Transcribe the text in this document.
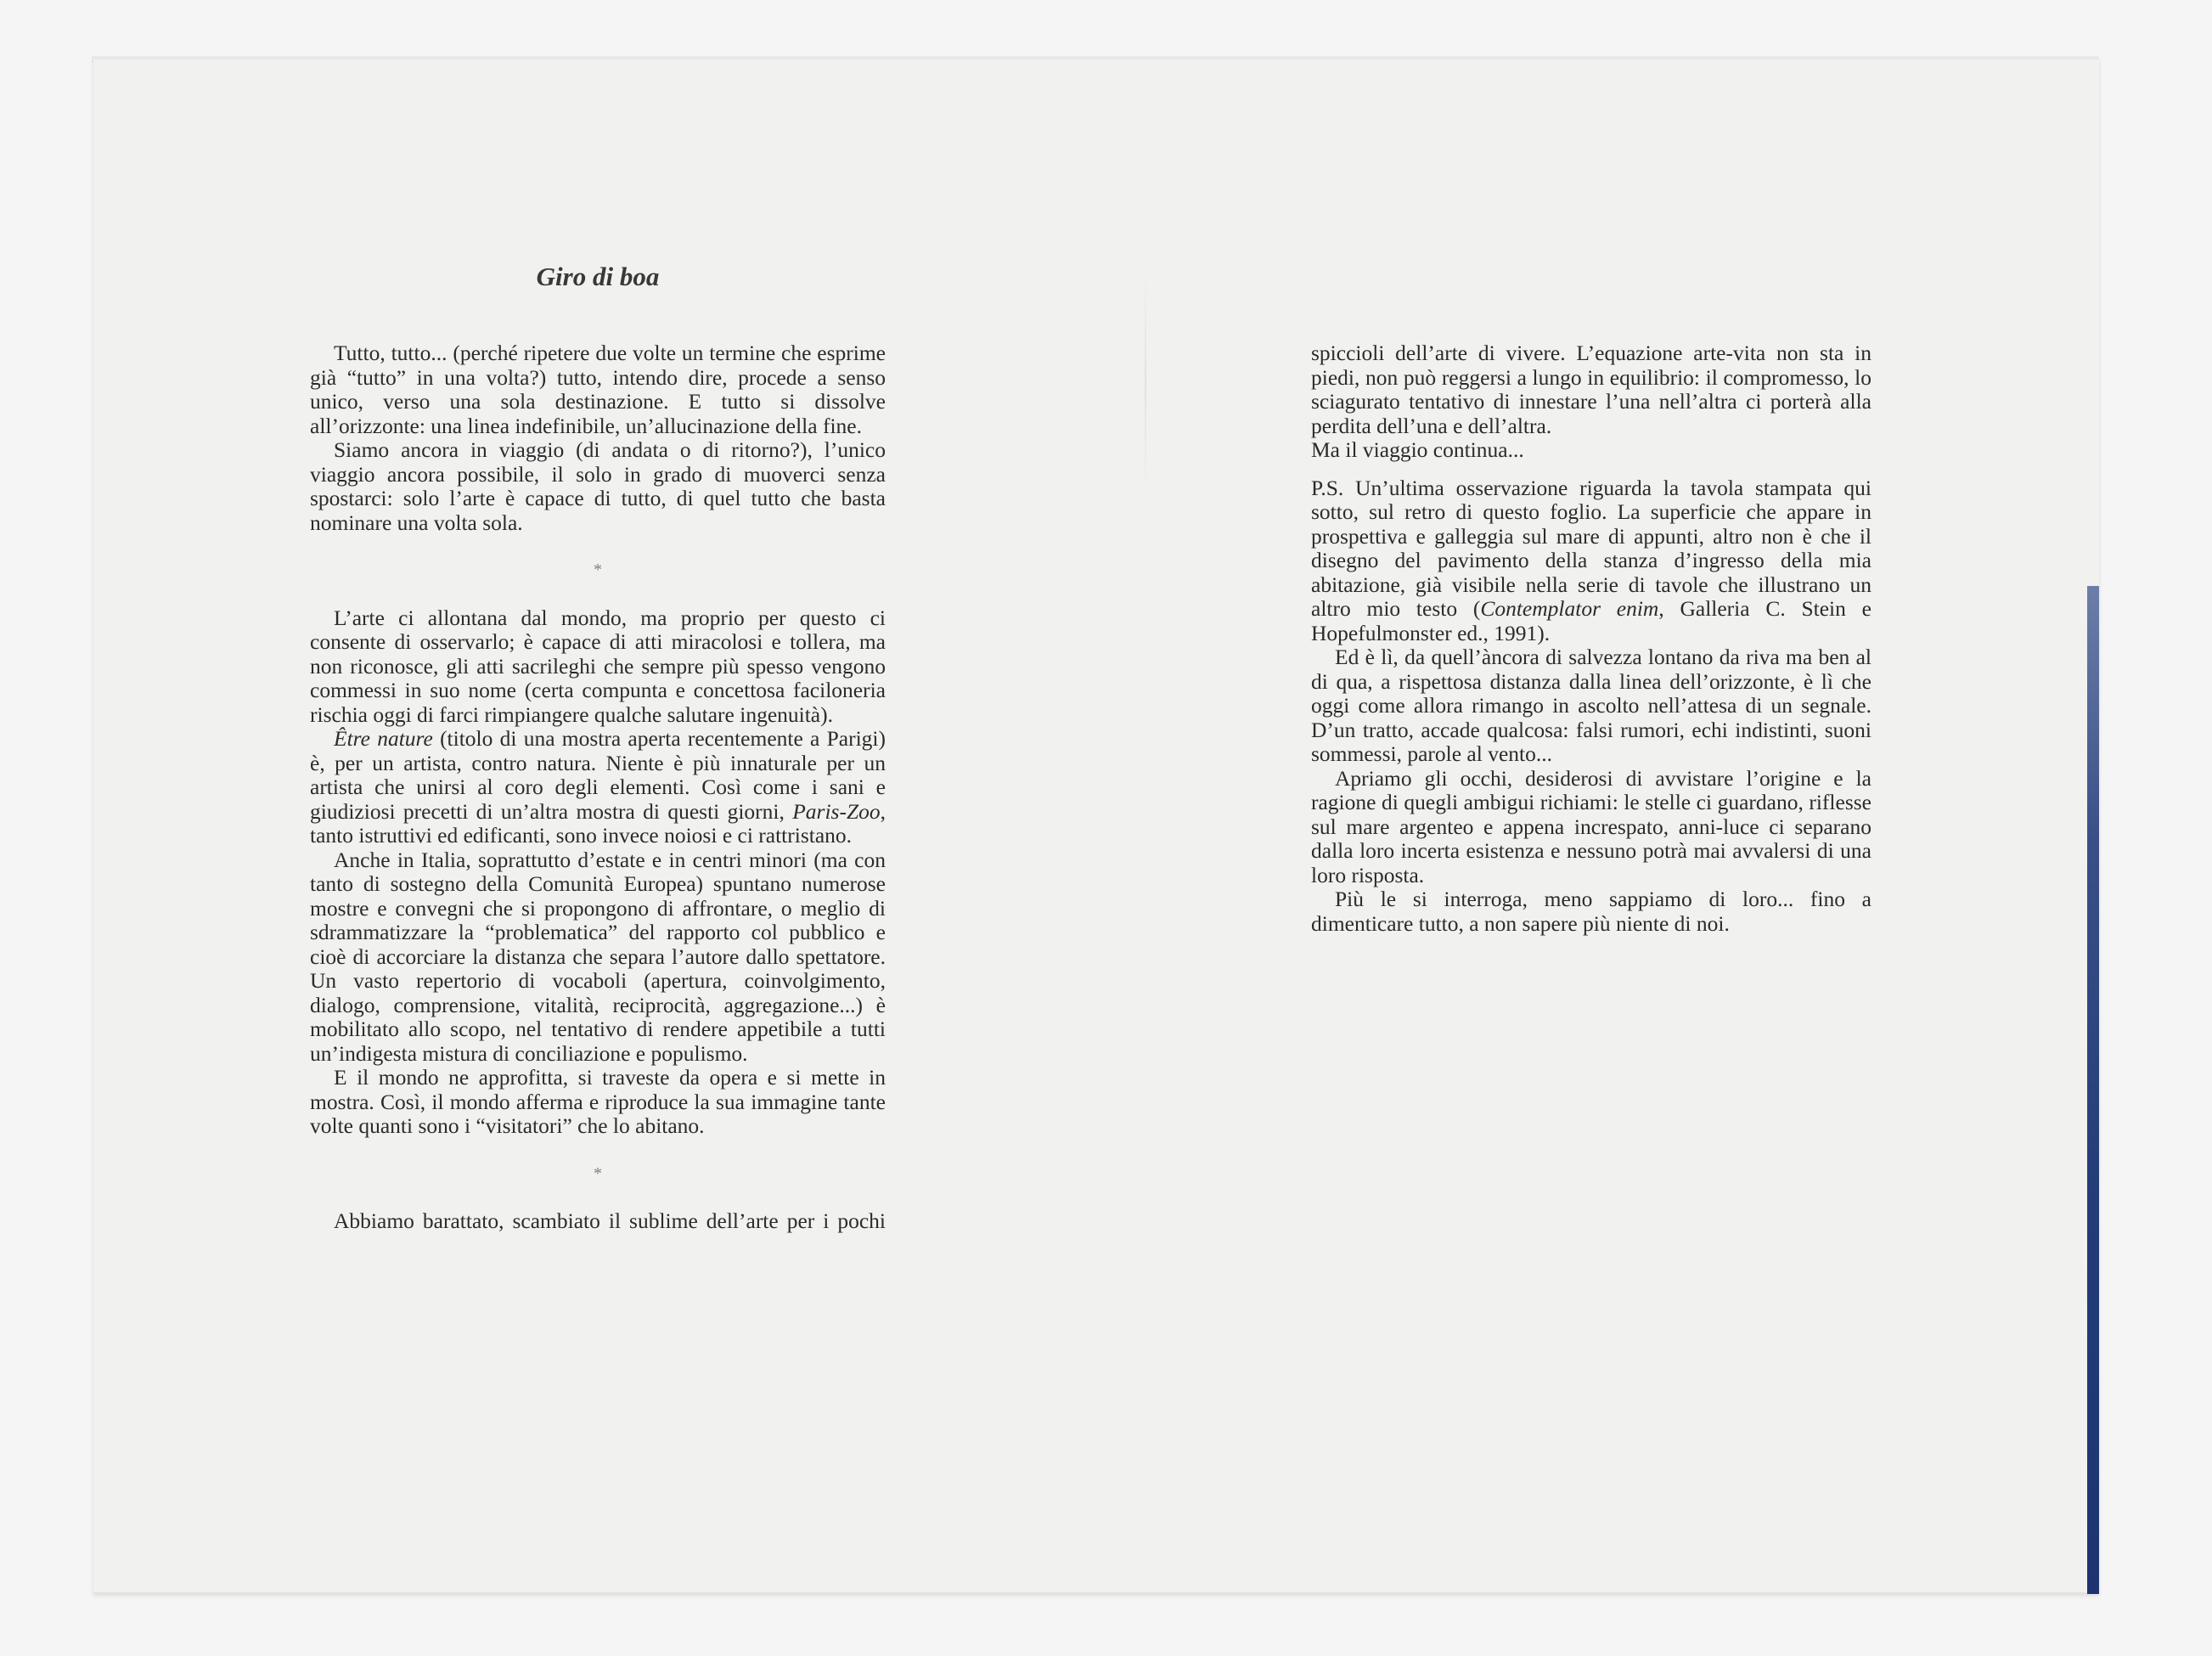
Giro di boa

Tutto, tutto... (perché ripetere due volte un termine che esprime già “tutto” in una volta?) tutto, intendo dire, procede a senso unico, verso una sola destinazione. E tutto si dissolve all’orizzonte: una linea indefinibile, un’allucinazione della fine.

Siamo ancora in viaggio (di andata o di ritorno?), l’unico viaggio ancora possibile, il solo in grado di muoverci senza spostarci: solo l’arte è capace di tutto, di quel tutto che basta nominare una volta sola.

*

L’arte ci allontana dal mondo, ma proprio per questo ci consente di osservarlo; è capace di atti miracolosi e tollera, ma non riconosce, gli atti sacrileghi che sempre più spesso vengono commessi in suo nome (certa compunta e concettosa faciloneria rischia oggi di farci rimpiangere qualche salutare ingenuità).

Être nature (titolo di una mostra aperta recentemente a Parigi) è, per un artista, contro natura. Niente è più innaturale per un artista che unirsi al coro degli elementi. Così come i sani e giudiziosi precetti di un’altra mostra di questi giorni, Paris-Zoo, tanto istruttivi ed edificanti, sono invece noiosi e ci rattristano.

Anche in Italia, soprattutto d’estate e in centri minori (ma con tanto di sostegno della Comunità Europea) spuntano numerose mostre e convegni che si propongono di affrontare, o meglio di sdrammatizzare la “problematica” del rapporto col pubblico e cioè di accorciare la distanza che separa l’autore dallo spettatore. Un vasto repertorio di vocaboli (apertura, coinvolgimento, dialogo, comprensione, vitalità, reciprocità, aggregazione...) è mobilitato allo scopo, nel tentativo di rendere appetibile a tutti un’indigesta mistura di conciliazione e populismo.

E il mondo ne approfitta, si traveste da opera e si mette in mostra. Così, il mondo afferma e riproduce la sua immagine tante volte quanti sono i “visitatori” che lo abitano.

*

Abbiamo barattato, scambiato il sublime dell’arte per i pochi

spiccioli dell’arte di vivere. L’equazione arte-vita non sta in piedi, non può reggersi a lungo in equilibrio: il compromesso, lo sciagurato tentativo di innestare l’una nell’altra ci porterà alla perdita dell’una e dell’altra.

Ma il viaggio continua...

P.S. Un’ultima osservazione riguarda la tavola stampata qui sotto, sul retro di questo foglio. La superficie che appare in prospettiva e galleggia sul mare di appunti, altro non è che il disegno del pavimento della stanza d’ingresso della mia abitazione, già visibile nella serie di tavole che illustrano un altro mio testo (Contemplator enim, Galleria C. Stein e Hopefulmonster ed., 1991).

Ed è lì, da quell’àncora di salvezza lontano da riva ma ben al di qua, a rispettosa distanza dalla linea dell’orizzonte, è lì che oggi come allora rimango in ascolto nell’attesa di un segnale. D’un tratto, accade qualcosa: falsi rumori, echi indistinti, suoni sommessi, parole al vento...

Apriamo gli occhi, desiderosi di avvistare l’origine e la ragione di quegli ambigui richiami: le stelle ci guardano, riflesse sul mare argenteo e appena increspato, anni-luce ci separano dalla loro incerta esistenza e nessuno potrà mai avvalersi di una loro risposta.

Più le si interroga, meno sappiamo di loro... fino a dimenticare tutto, a non sapere più niente di noi.
